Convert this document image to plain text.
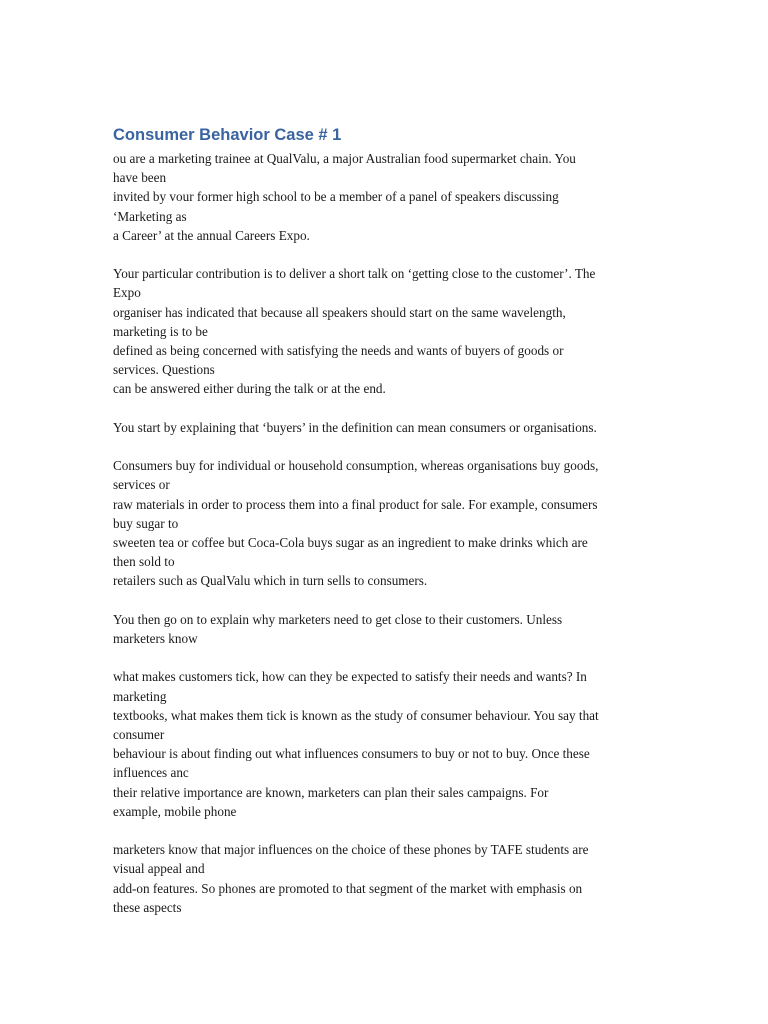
Consumer Behavior Case # 1
ou are a marketing trainee at QualValu, a major Australian food supermarket chain. You
have been
invited by vour former high school to be a member of a panel of speakers discussing
‘Marketing as
a Career’ at the annual Careers Expo.
Your particular contribution is to deliver a short talk on ‘getting close to the customer’. The
Expo
organiser has indicated that because all speakers should start on the same wavelength,
marketing is to be
defined as being concerned with satisfying the needs and wants of buyers of goods or
services. Questions
can be answered either during the talk or at the end.
You start by explaining that ‘buyers’ in the definition can mean consumers or organisations.
Consumers buy for individual or household consumption, whereas organisations buy goods,
services or
raw materials in order to process them into a final product for sale. For example, consumers
buy sugar to
sweeten tea or coffee but Coca-Cola buys sugar as an ingredient to make drinks which are
then sold to
retailers such as QualValu which in turn sells to consumers.
You then go on to explain why marketers need to get close to their customers. Unless
marketers know
what makes customers tick, how can they be expected to satisfy their needs and wants? In
marketing
textbooks, what makes them tick is known as the study of consumer behaviour. You say that
consumer
behaviour is about finding out what influences consumers to buy or not to buy. Once these
influences anc
their relative importance are known, marketers can plan their sales campaigns. For
example, mobile phone
marketers know that major influences on the choice of these phones by TAFE students are
visual appeal and
add-on features. So phones are promoted to that segment of the market with emphasis on
these aspects
